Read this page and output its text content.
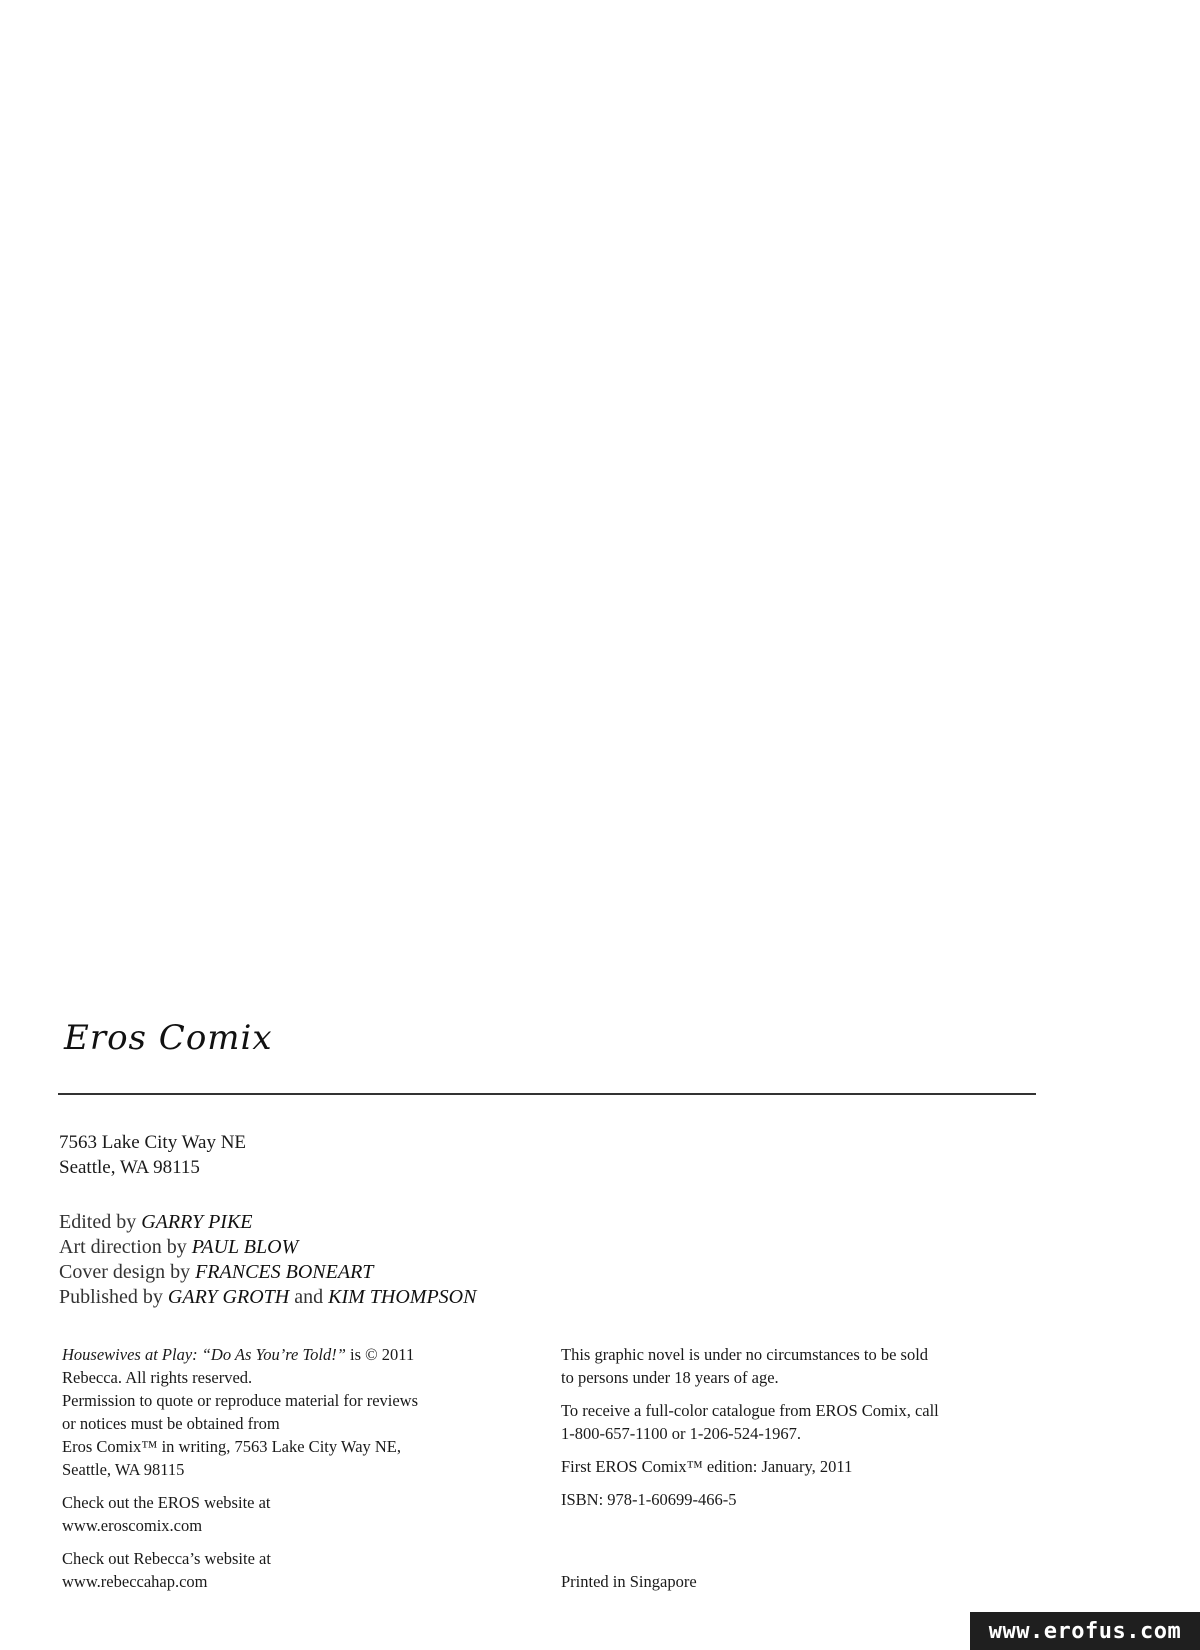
Eros Comix
7563 Lake City Way NE
Seattle, WA 98115
Edited by GARRY PIKE
Art direction by PAUL BLOW
Cover design by FRANCES BONEART
Published by GARY GROTH and KIM THOMPSON
Housewives at Play: “Do As You’re Told!” is © 2011
Rebecca. All rights reserved.
Permission to quote or reproduce material for reviews
or notices must be obtained from
Eros Comix™ in writing, 7563 Lake City Way NE,
Seattle, WA 98115
Check out the EROS website at
www.eroscomix.com
Check out Rebecca’s website at
www.rebeccahap.com
This graphic novel is under no circumstances to be sold
to persons under 18 years of age.
To receive a full-color catalogue from EROS Comix, call
1-800-657-1100 or 1-206-524-1967.
First EROS Comix™ edition: January, 2011
ISBN: 978-1-60699-466-5
Printed in Singapore
www.erofus.com
